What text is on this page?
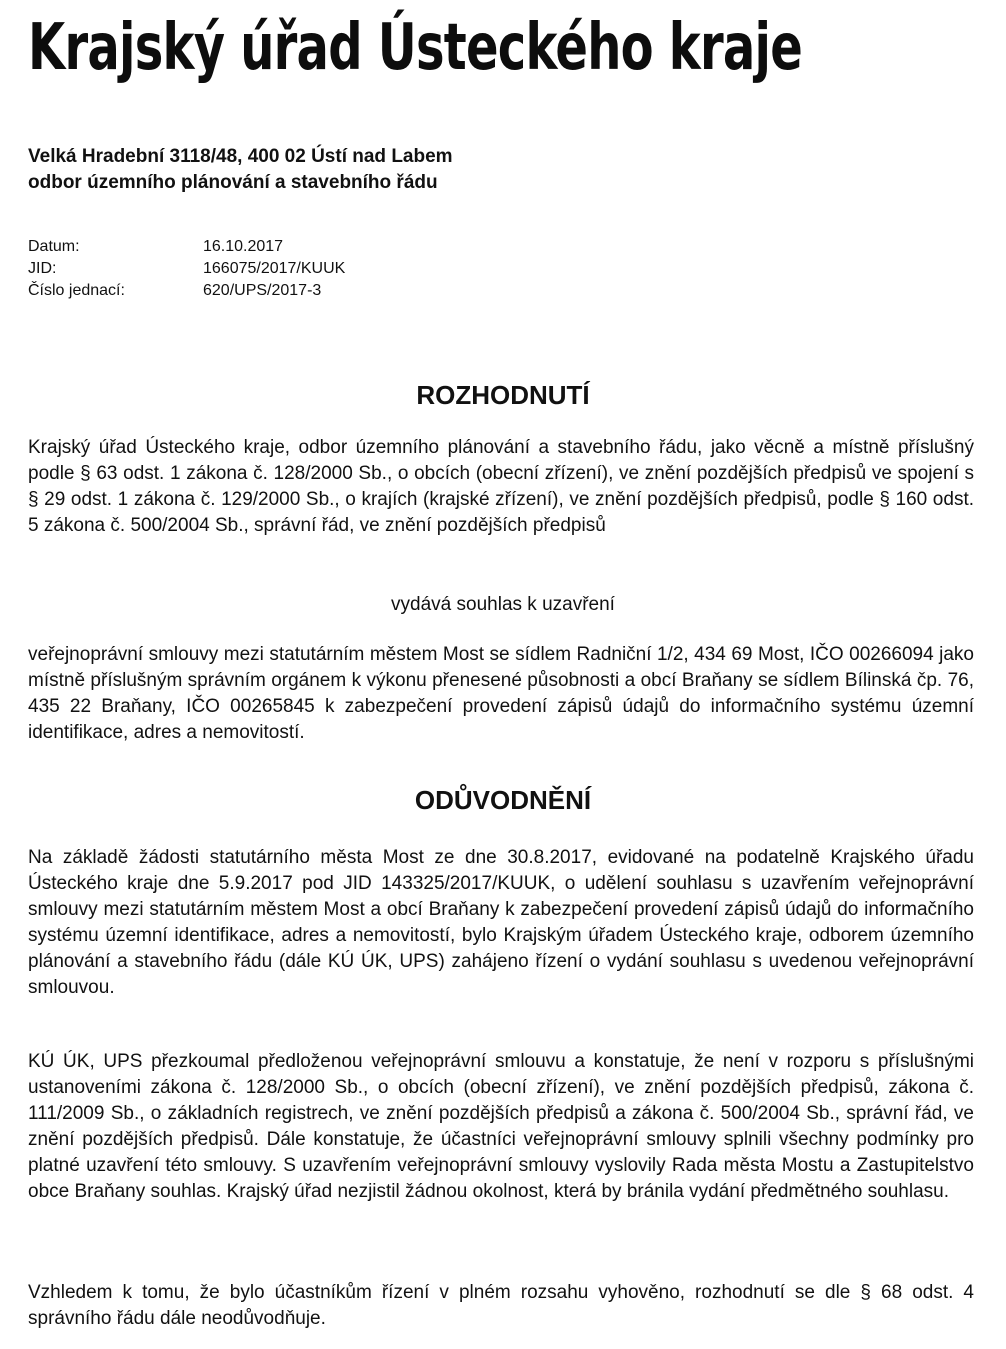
Krajský úřad Ústeckého kraje
Velká Hradební 3118/48, 400 02 Ústí nad Labem
odbor územního plánování a stavebního řádu
Datum:	16.10.2017
JID:	166075/2017/KUUK
Číslo jednací:	620/UPS/2017-3
ROZHODNUTÍ

Krajský úřad Ústeckého kraje, odbor územního plánování a stavebního řádu, jako věcně a místně příslušný podle § 63 odst. 1 zákona č. 128/2000 Sb., o obcích (obecní zřízení), ve znění pozdějších předpisů ve spojení s § 29 odst. 1 zákona č. 129/2000 Sb., o krajích (krajské zřízení), ve znění pozdějších předpisů, podle § 160 odst. 5 zákona č. 500/2004 Sb., správní řád, ve znění pozdějších předpisů

vydává souhlas k uzavření

veřejnoprávní smlouvy mezi statutárním městem Most se sídlem Radniční 1/2, 434 69 Most, IČO 00266094 jako místně příslušným správním orgánem k výkonu přenesené působnosti a obcí Braňany se sídlem Bílinská čp. 76, 435 22 Braňany, IČO 00265845 k zabezpečení provedení zápisů údajů do informačního systému územní identifikace, adres a nemovitostí.

ODŮVODNĚNÍ

Na základě žádosti statutárního města Most ze dne 30.8.2017, evidované na podatelně Krajského úřadu Ústeckého kraje dne 5.9.2017 pod JID 143325/2017/KUUK, o udělení souhlasu s uzavřením veřejnoprávní smlouvy mezi statutárním městem Most a obcí Braňany k zabezpečení provedení zápisů údajů do informačního systému územní identifikace, adres a nemovitostí, bylo Krajským úřadem Ústeckého kraje, odborem územního plánování a stavebního řádu (dále KÚ ÚK, UPS) zahájeno řízení o vydání souhlasu s uvedenou veřejnoprávní smlouvou.

KÚ ÚK, UPS přezkoumal předloženou veřejnoprávní smlouvu a konstatuje, že není v rozporu s příslušnými ustanoveními zákona č. 128/2000 Sb., o obcích (obecní zřízení), ve znění pozdějších předpisů, zákona č. 111/2009 Sb., o základních registrech, ve znění pozdějších předpisů a zákona č. 500/2004 Sb., správní řád, ve znění pozdějších předpisů. Dále konstatuje, že účastníci veřejnoprávní smlouvy splnili všechny podmínky pro platné uzavření této smlouvy. S uzavřením veřejnoprávní smlouvy vyslovily Rada města Mostu a Zastupitelstvo obce Braňany souhlas. Krajský úřad nezjistil žádnou okolnost, která by bránila vydání předmětného souhlasu.

Vzhledem k tomu, že bylo účastníkům řízení v plném rozsahu vyhověno, rozhodnutí se dle § 68 odst. 4 správního řádu dále neodůvodňuje.
